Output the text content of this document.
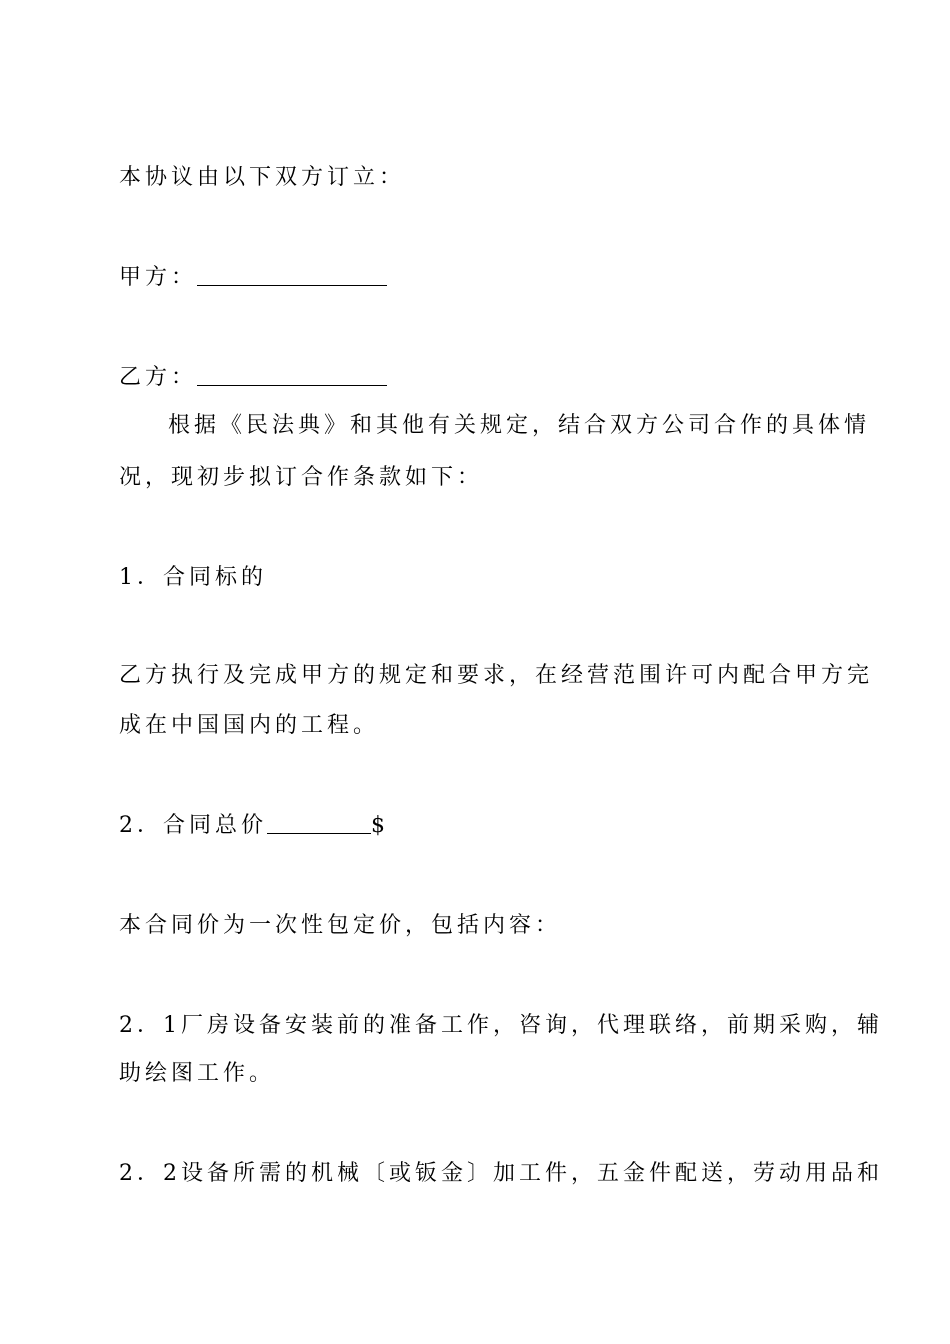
本协议由以下双方订立：
甲方：
乙方：
根据《民法典》和其他有关规定，结合双方公司合作的具体情
况，现初步拟订合作条款如下：
1．合同标的
乙方执行及完成甲方的规定和要求，在经营范围许可内配合甲方完
成在中国国内的工程。
2．合同总价	$
本合同价为一次性包定价，包括内容：
2．1厂房设备安装前的准备工作，咨询，代理联络，前期采购，辅
助绘图工作。
2．2设备所需的机械〔或钣金〕加工件，五金件配送，劳动用品和
